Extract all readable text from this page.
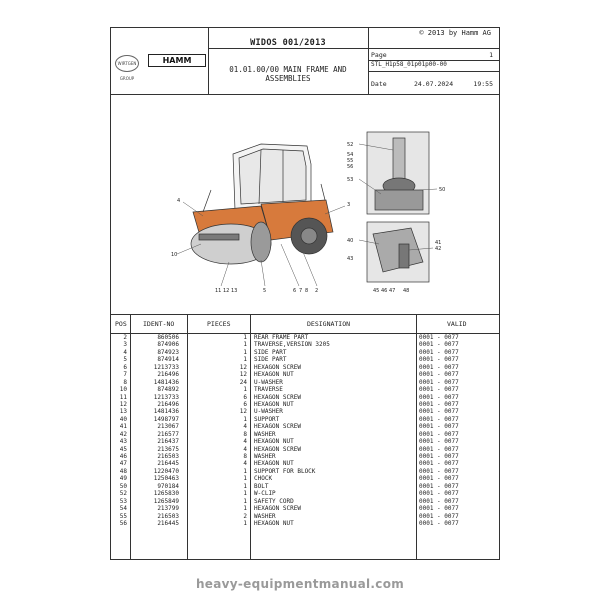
WIRTGEN GROUP
HAMM
WIDOS 001/2013
01.01.00/00 MAIN FRAME AND
ASSEMBLIES
© 2013 by Hamm AG
Page	1
STL_H1p58_01p01p00-00
Date	24.07.2024	19:55
4
3
10
11 12 13	5	6 7 8 2
52
54
55
56
53
50
40	41
42
43
45 46 47 48
POS	IDENT-NO	PIECES	DESIGNATION	VALID
2	860506	1 REAR FRAME PART	0001 - 0077
3	874906	1 TRAVERSE,VERSION 3205	0001 - 0077
4	874923	1 SIDE PART	0001 - 0077
5	874914	1 SIDE PART	0001 - 0077
6	1213733	12 HEXAGON SCREW	0001 - 0077
7	216496	12 HEXAGON NUT	0001 - 0077
8	1481436	24 U-WASHER	0001 - 0077
10	874892	1 TRAVERSE	0001 - 0077
11	1213733	6 HEXAGON SCREW	0001 - 0077
12	216496	6 HEXAGON NUT	0001 - 0077
13	1481436	12 U-WASHER	0001 - 0077
40	1498797	1 SUPPORT	0001 - 0077
41	213067	4 HEXAGON SCREW	0001 - 0077
42	216577	8 WASHER	0001 - 0077
43	216437	4 HEXAGON NUT	0001 - 0077
45	213675	4 HEXAGON SCREW	0001 - 0077
46	216503	8 WASHER	0001 - 0077
47	216445	4 HEXAGON NUT	0001 - 0077
48	1220470	1 SUPPORT FOR BLOCK	0001 - 0077
49	1250463	1 CHOCK	0001 - 0077
50	970184	1 BOLT	0001 - 0077
52	1265830	1 W-CLIP	0001 - 0077
53	1265849	1 SAFETY CORD	0001 - 0077
54	213799	1 HEXAGON SCREW	0001 - 0077
55	216503	2 WASHER	0001 - 0077
56	216445	1 HEXAGON NUT	0001 - 0077
heavy-equipmentmanual.com
